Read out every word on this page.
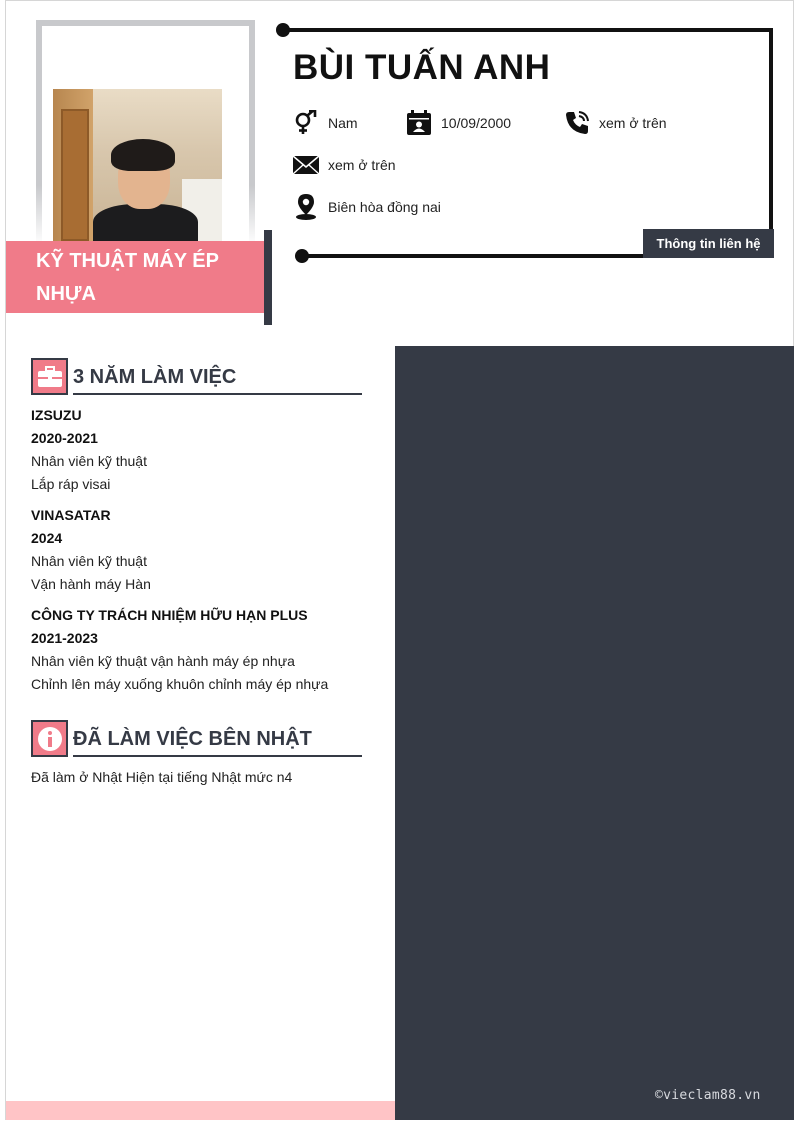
KỸ THUẬT MÁY ÉP NHỰA
Thông tin liên hệ
BÙI TUẤN ANH
Nam	10/09/2000	xem ở trên
xem ở trên
Biên hòa đồng nai
©vieclam88.vn
3 NĂM LÀM VIỆC
IZSUZU
2020-2021
Nhân viên kỹ thuật
Lắp ráp visai
VINASATAR
2024
Nhân viên kỹ thuật
Vận hành máy Hàn
CÔNG TY TRÁCH NHIỆM HỮU HẠN PLUS
2021-2023
Nhân viên kỹ thuật vận hành máy ép nhựa
Chỉnh lên máy xuống khuôn chỉnh máy ép nhựa
ĐÃ LÀM VIỆC BÊN NHẬT
Đã làm ở Nhật Hiện tại tiếng Nhật mức n4
